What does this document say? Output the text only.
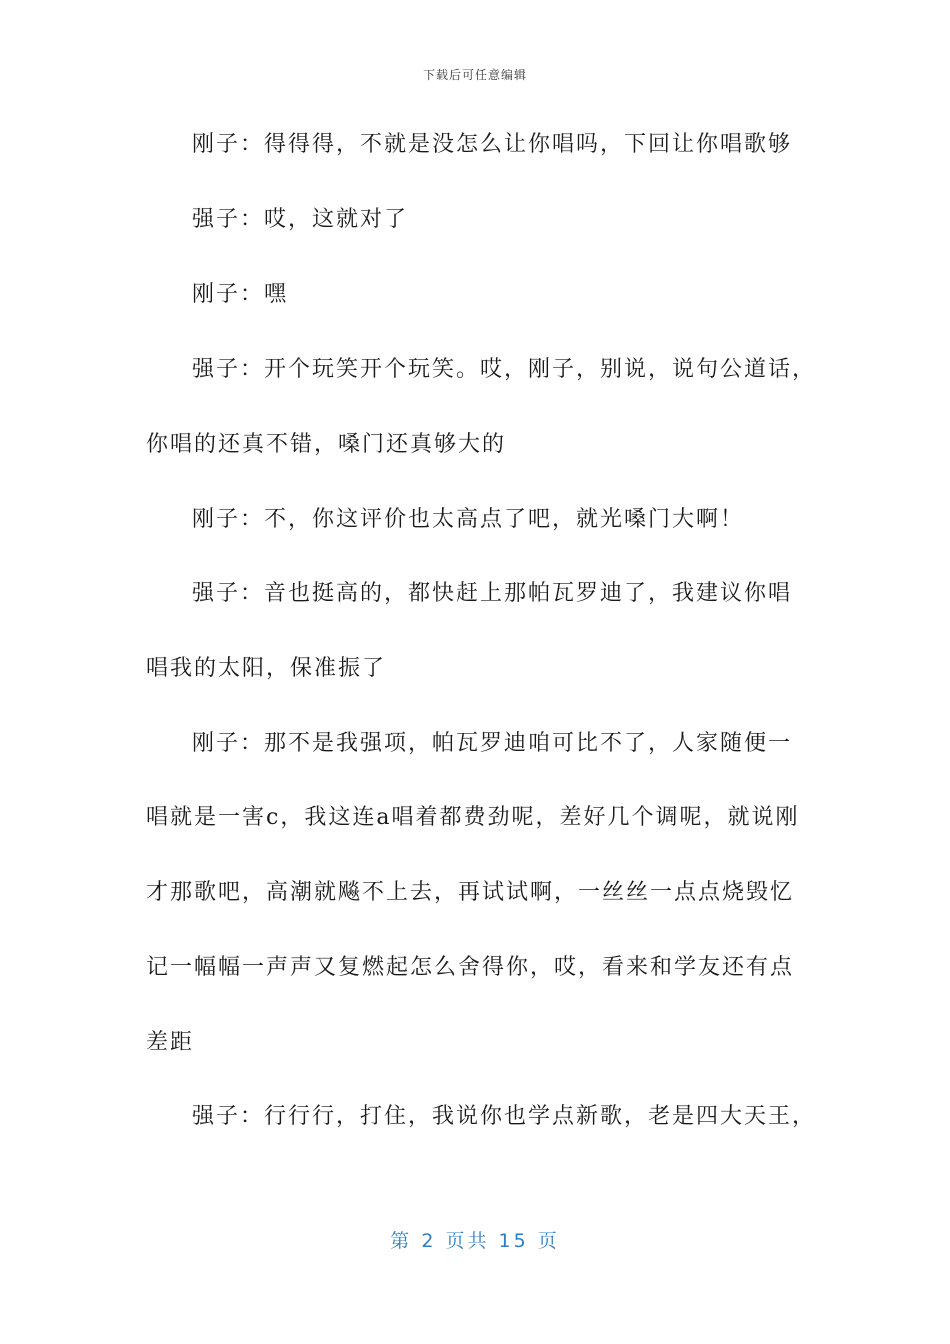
下载后可任意编辑
刚子：得得得，不就是没怎么让你唱吗，下回让你唱歌够
强子：哎，这就对了
刚子：嘿
强子：开个玩笑开个玩笑。哎，刚子，别说，说句公道话，
你唱的还真不错，嗓门还真够大的
刚子：不，你这评价也太高点了吧，就光嗓门大啊！
强子：音也挺高的，都快赶上那帕瓦罗迪了，我建议你唱
唱我的太阳，保准振了
刚子：那不是我强项，帕瓦罗迪咱可比不了，人家随便一
唱就是一害c，我这连a唱着都费劲呢，差好几个调呢，就说刚
才那歌吧，高潮就飚不上去，再试试啊，一丝丝一点点烧毁忆
记一幅幅一声声又复燃起怎么舍得你，哎，看来和学友还有点
差距
强子：行行行，打住，我说你也学点新歌，老是四大天王，
第 2 页共 15 页
